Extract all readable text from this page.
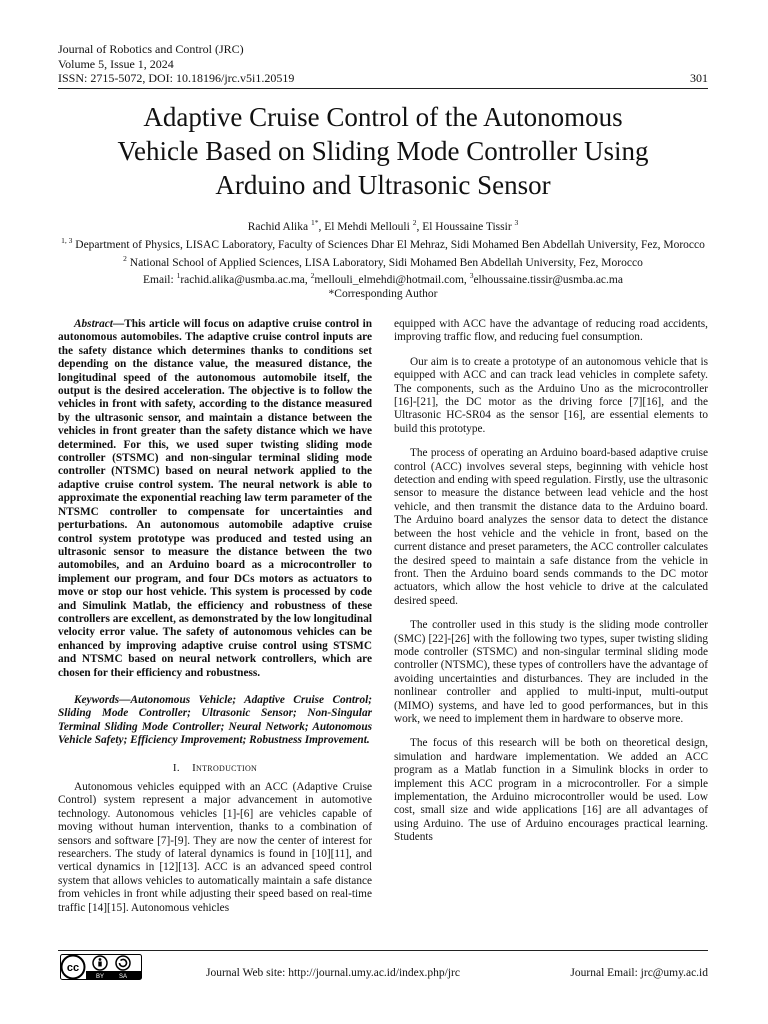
Journal of Robotics and Control (JRC)
Volume 5, Issue 1, 2024
ISSN: 2715-5072, DOI: 10.18196/jrc.v5i1.20519	301
Adaptive Cruise Control of the Autonomous
Vehicle Based on Sliding Mode Controller Using
Arduino and Ultrasonic Sensor
Rachid Alika $^{1*}$, El Mehdi Mellouli $^2$, El Houssaine Tissir $^3$
$^{1, 3}$ Department of Physics, LISAC Laboratory, Faculty of Sciences Dhar El Mehraz, Sidi Mohamed Ben Abdellah University, Fez, Morocco
$^2$ National School of Applied Sciences, LISA Laboratory, Sidi Mohamed Ben Abdellah University, Fez, Morocco
Email: $^1$rachid.alika@usmba.ac.ma, $^2$mellouli_elmehdi@hotmail.com, $^3$elhoussaine.tissir@usmba.ac.ma
*Corresponding Author

Abstract—This article will focus on adaptive cruise control in autonomous automobiles. The adaptive cruise control inputs are the safety distance which determines thanks to conditions set depending on the distance value, the measured distance, the longitudinal speed of the autonomous automobile itself, the output is the desired acceleration. The objective is to follow the vehicles in front with safety, according to the distance measured by the ultrasonic sensor, and maintain a distance between the vehicles in front greater than the safety distance which we have determined. For this, we used super twisting sliding mode controller (STSMC) and non-singular terminal sliding mode controller (NTSMC) based on neural network applied to the adaptive cruise control system. The neural network is able to approximate the exponential reaching law term parameter of the NTSMC controller to compensate for uncertainties and perturbations. An autonomous automobile adaptive cruise control system prototype was produced and tested using an ultrasonic sensor to measure the distance between the two automobiles, and an Arduino board as a microcontroller to implement our program, and four DCs motors as actuators to move or stop our host vehicle. This system is processed by code and Simulink Matlab, the efficiency and robustness of these controllers are excellent, as demonstrated by the low longitudinal velocity error value. The safety of autonomous vehicles can be enhanced by improving adaptive cruise control using STSMC and NTSMC based on neural network controllers, which are chosen for their efficiency and robustness.

Keywords—Autonomous Vehicle; Adaptive Cruise Control; Sliding Mode Controller; Ultrasonic Sensor; Non-Singular Terminal Sliding Mode Controller; Neural Network; Autonomous Vehicle Safety; Efficiency Improvement; Robustness Improvement.

I. Introduction

Autonomous vehicles equipped with an ACC (Adaptive Cruise Control) system represent a major advancement in automotive technology. Autonomous vehicles [1]-[6] are vehicles capable of moving without human intervention, thanks to a combination of sensors and software [7]-[9]. They are now the center of interest for researchers. The study of lateral dynamics is found in [10][11], and vertical dynamics in [12][13]. ACC is an advanced speed control system that allows vehicles to automatically maintain a safe distance from vehicles in front while adjusting their speed based on real-time traffic [14][15]. Autonomous vehicles

equipped with ACC have the advantage of reducing road accidents, improving traffic flow, and reducing fuel consumption.

Our aim is to create a prototype of an autonomous vehicle that is equipped with ACC and can track lead vehicles in complete safety. The components, such as the Arduino Uno as the microcontroller [16]-[21], the DC motor as the driving force [7][16], and the Ultrasonic HC-SR04 as the sensor [16], are essential elements to build this prototype.

The process of operating an Arduino board-based adaptive cruise control (ACC) involves several steps, beginning with vehicle host detection and ending with speed regulation. Firstly, use the ultrasonic sensor to measure the distance between lead vehicle and the host vehicle, and then transmit the distance data to the Arduino board. The Arduino board analyzes the sensor data to detect the distance between the host vehicle and the vehicle in front, based on the current distance and preset parameters, the ACC controller calculates the desired speed to maintain a safe distance from the vehicle in front. Then the Arduino board sends commands to the DC motor actuators, which allow the host vehicle to drive at the calculated desired speed.

The controller used in this study is the sliding mode controller (SMC) [22]-[26] with the following two types, super twisting sliding mode controller (STSMC) and non-singular terminal sliding mode controller (NTSMC), these types of controllers have the advantage of avoiding uncertainties and disturbances. They are included in the nonlinear controller and applied to multi-input, multi-output (MIMO) systems, and have led to good performances, but in this work, we need to implement them in hardware to observe more.

The focus of this research will be both on theoretical design, simulation and hardware implementation. We added an ACC program as a Matlab function in a Simulink blocks in order to implement this ACC program in a microcontroller. For a simple implementation, the Arduino microcontroller would be used. Low cost, small size and wide applications [16] are all advantages of using Arduino. The use of Arduino encourages practical learning. Students

cc
BY SA	Journal Web site: http://journal.umy.ac.id/index.php/jrc	Journal Email: jrc@umy.ac.id
